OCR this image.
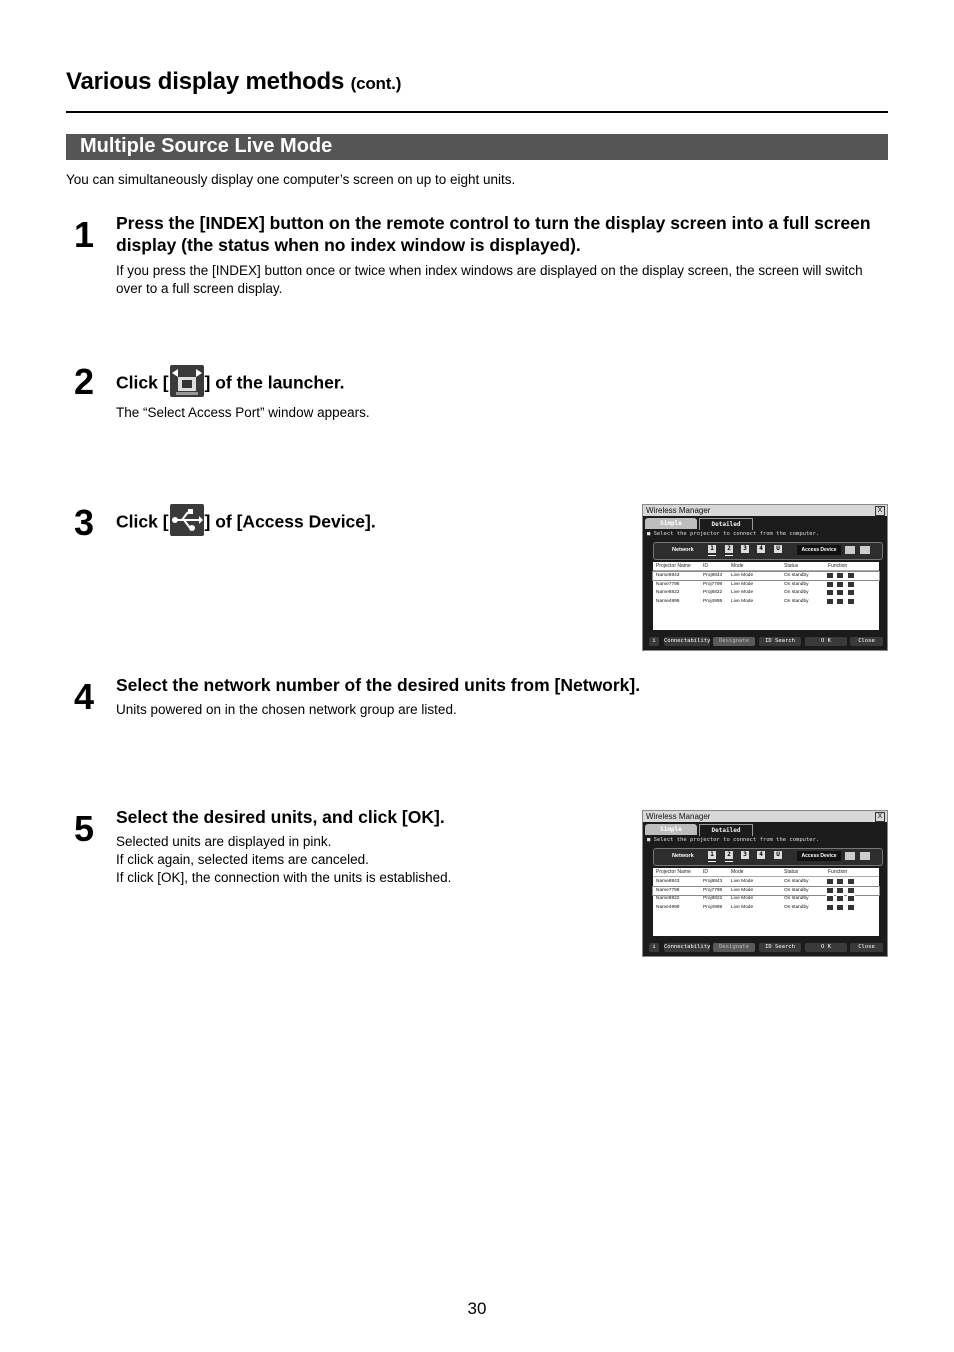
Various display methods (cont.)
Multiple Source Live Mode
You can simultaneously display one computer’s screen on up to eight units.
1 Press the [INDEX] button on the remote control to turn the display screen into a full screen display (the status when no index window is displayed).
If you press the [INDEX] button once or twice when index windows are displayed on the display screen, the screen will switch over to a full screen display.
2 Click [ ] of the launcher.
The “Select Access Port” window appears.
3 Click [ ] of [Access Device].
4 Select the network number of the desired units from [Network].
Units powered on in the chosen network group are listed.
5 Select the desired units, and click [OK].
Selected units are displayed in pink.
If click again, selected items are canceled.
If click [OK], the connection with the units is established.
Wireless Manager	X
Simple	Detailed
■ Select the projector to connect from the computer.
Network	1	2	3	4	U	Access Device
Projector Name ID	Mode	Status	Function
Name8843	Proj8843 Live Mode	On standby
Name7798	Proj7798 Live Mode	On standby
Name8822	Proj8822 Live Mode	On standby
Name4999	Proj4999 Live Mode	On standby
i	Connectability	Designate	ID Search	O K	Close
Wireless Manager	X
Simple	Detailed
■ Select the projector to connect from the computer.
Network	1	2	3	4	U	Access Device
Projector Name ID	Mode	Status	Function
Name8843	Proj8843 Live Mode	On standby
Name7798	Proj7798 Live Mode	On standby
Name8822	Proj8822 Live Mode	On standby
Name4999	Proj4999 Live Mode	On standby
i	Connectability	Designate	ID Search	O K	Close
30
